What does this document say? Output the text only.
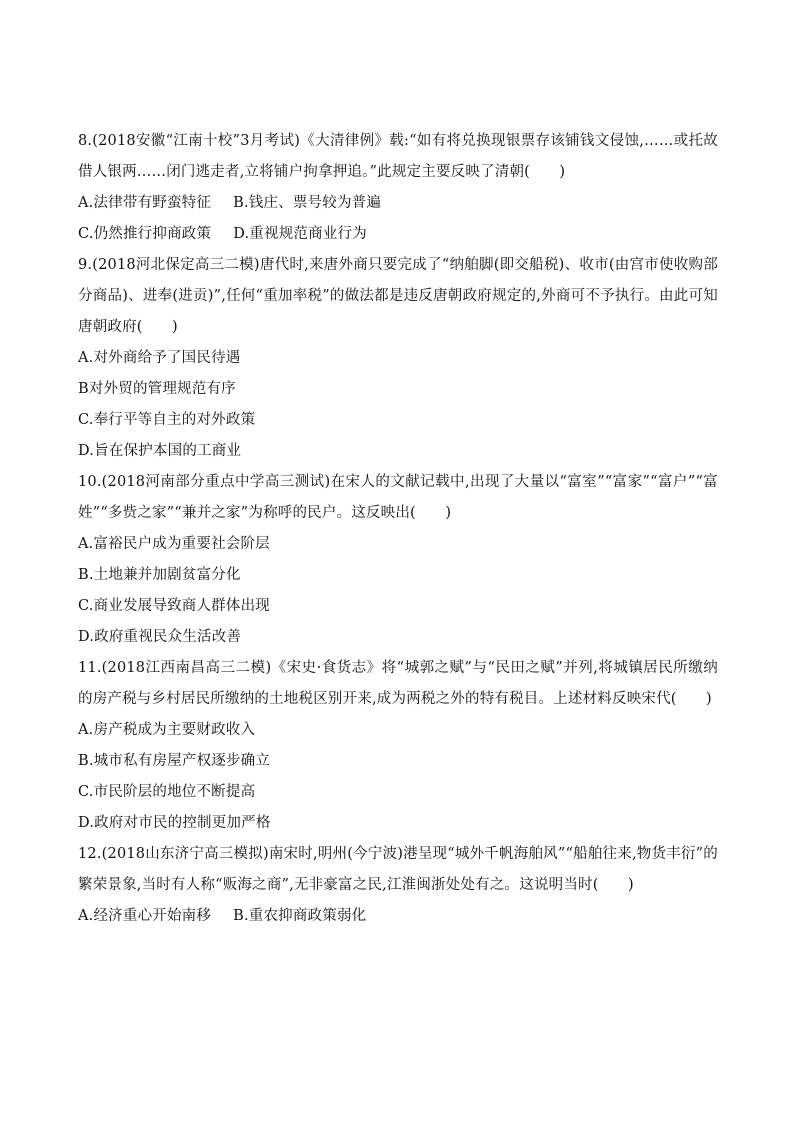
8.(2018安徽“江南十校”3月考试)《大清律例》载:“如有将兑换现银票存该铺钱文侵蚀,……或托故借人银两……闭门逃走者,立将铺户拘拿押追。”此规定主要反映了清朝(　　)

A.法律带有野蛮特征 B.钱庄、票号较为普遍

C.仍然推行抑商政策 D.重视规范商业行为

9.(2018河北保定高三二模)唐代时,来唐外商只要完成了“纳舶脚(即交船税)、收市(由宫市使收购部分商品)、进奉(进贡)”,任何“重加率税”的做法都是违反唐朝政府规定的,外商可不予执行。由此可知唐朝政府(　　)

A.对外商给予了国民待遇

B对外贸的管理规范有序

C.奉行平等自主的对外政策

D.旨在保护本国的工商业

10.(2018河南部分重点中学高三测试)在宋人的文献记载中,出现了大量以“富室”“富家”“富户”“富姓”“多赀之家”“兼并之家”为称呼的民户。这反映出(　　)

A.富裕民户成为重要社会阶层

B.土地兼并加剧贫富分化

C.商业发展导致商人群体出现

D.政府重视民众生活改善

11.(2018江西南昌高三二模)《宋史·食货志》将“城郭之赋”与“民田之赋”并列,将城镇居民所缴纳的房产税与乡村居民所缴纳的土地税区别开来,成为两税之外的特有税目。上述材料反映宋代(　　)

A.房产税成为主要财政收入

B.城市私有房屋产权逐步确立

C.市民阶层的地位不断提高

D.政府对市民的控制更加严格

12.(2018山东济宁高三模拟)南宋时,明州(今宁波)港呈现“城外千帆海舶风”“船舶往来,物货丰衍”的繁荣景象,当时有人称“贩海之商”,无非豪富之民,江淮闽浙处处有之。这说明当时(　　)

A.经济重心开始南移 B.重农抑商政策弱化
